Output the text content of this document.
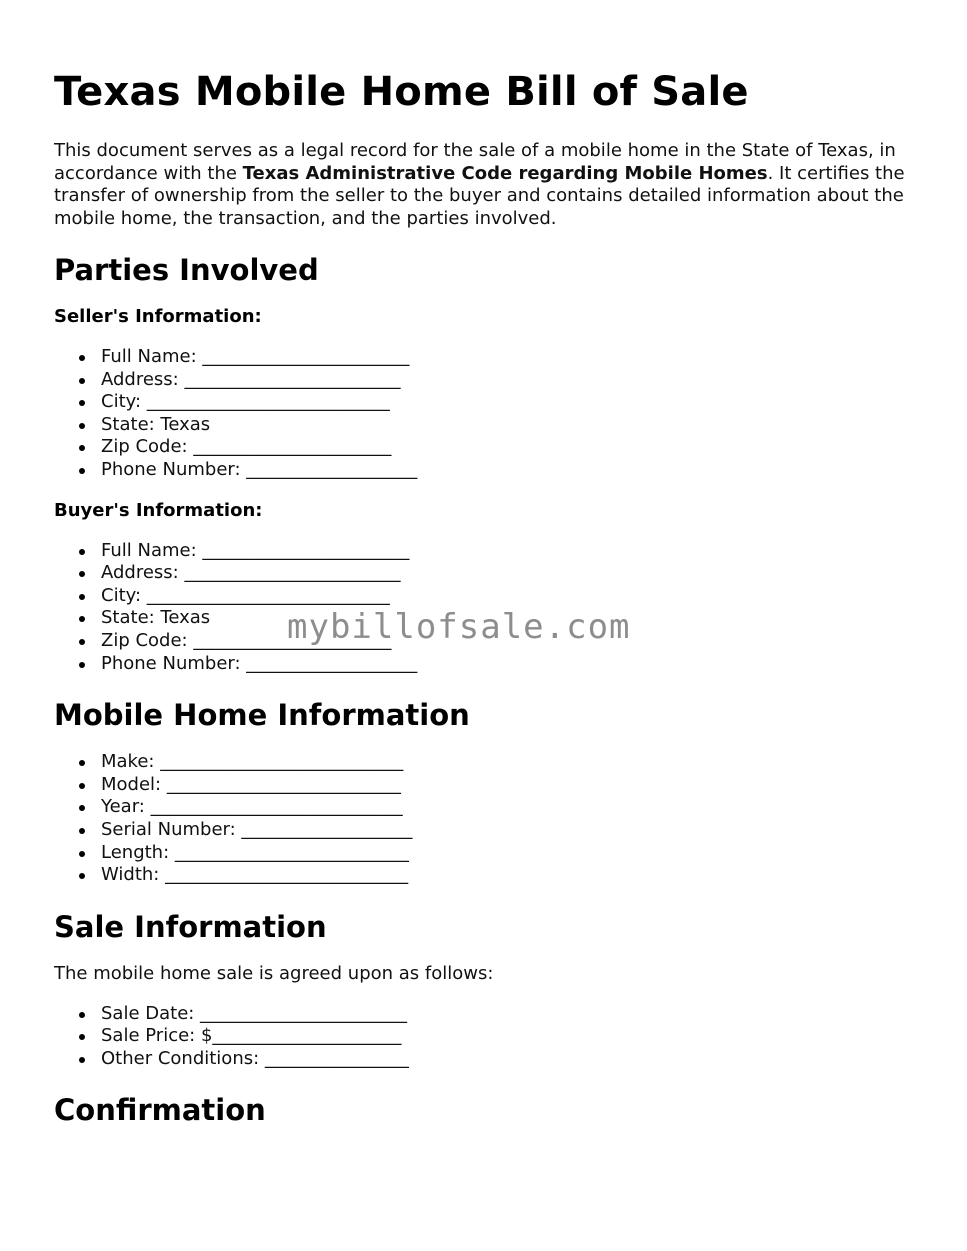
Texas Mobile Home Bill of Sale

This document serves as a legal record for the sale of a mobile home in the State of Texas, in accordance with the Texas Administrative Code regarding Mobile Homes. It certifies the transfer of ownership from the seller to the buyer and contains detailed information about the mobile home, the transaction, and the parties involved.

Parties Involved
Seller's Information:
Full Name: _______________________
Address: ________________________
City: ___________________________
State: Texas
Zip Code: ______________________
Phone Number: ___________________
Buyer's Information:
Full Name: _______________________
Address: ________________________
City: ___________________________
State: Texas
Zip Code: ______________________
Phone Number: ___________________
Mobile Home Information
Make: ___________________________
Model: __________________________
Year: ____________________________
Serial Number: ___________________
Length: __________________________
Width: ___________________________
Sale Information

The mobile home sale is agreed upon as follows:

Sale Date: _______________________
Sale Price: $_____________________
Other Conditions: ________________
Confirmation
mybillofsale.com
